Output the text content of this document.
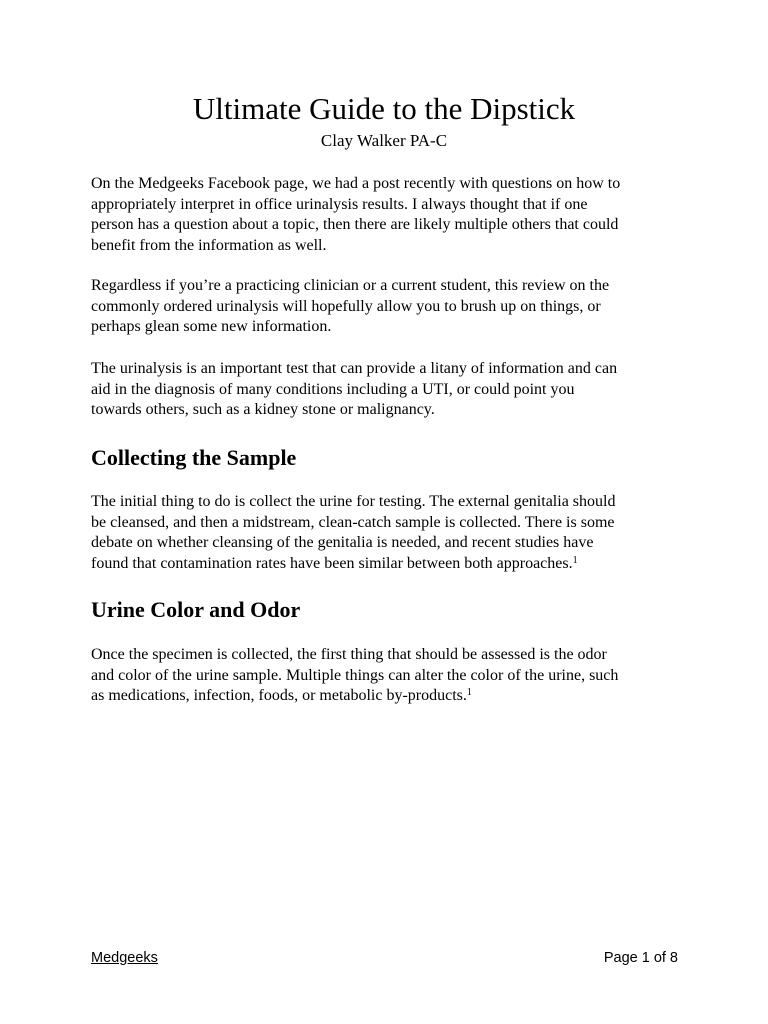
Ultimate Guide to the Dipstick
Clay Walker PA-C
On the Medgeeks Facebook page, we had a post recently with questions on how to
appropriately interpret in office urinalysis results. I always thought that if one
person has a question about a topic, then there are likely multiple others that could
benefit from the information as well.
Regardless if you’re a practicing clinician or a current student, this review on the
commonly ordered urinalysis will hopefully allow you to brush up on things, or
perhaps glean some new information.
The urinalysis is an important test that can provide a litany of information and can
aid in the diagnosis of many conditions including a UTI, or could point you
towards others, such as a kidney stone or malignancy.
Collecting the Sample
The initial thing to do is collect the urine for testing. The external genitalia should
be cleansed, and then a midstream, clean-catch sample is collected. There is some
debate on whether cleansing of the genitalia is needed, and recent studies have
found that contamination rates have been similar between both approaches.$^1$
Urine Color and Odor
Once the specimen is collected, the first thing that should be assessed is the odor
and color of the urine sample. Multiple things can alter the color of the urine, such
as medications, infection, foods, or metabolic by-products.$^1$
Medgeeks	Page 1 of 8
